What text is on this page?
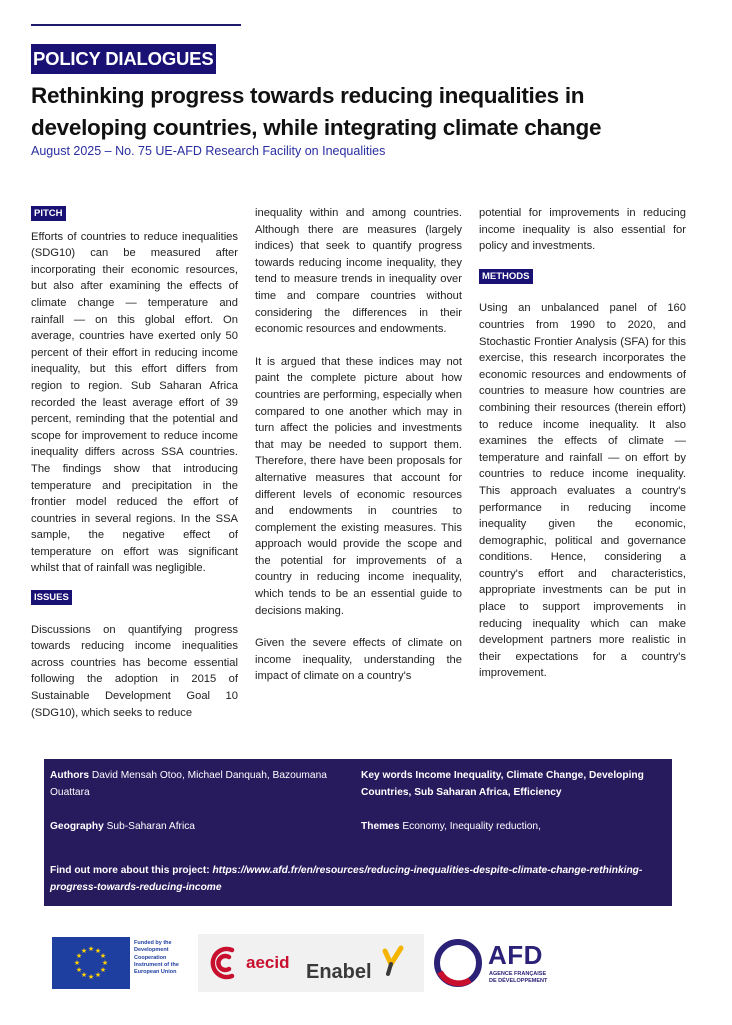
POLICY DIALOGUES
Rethinking progress towards reducing inequalities in developing countries, while integrating climate change
August 2025 – No. 75 UE-AFD Research Facility on Inequalities
PITCH

Efforts of countries to reduce inequalities (SDG10) can be measured after incorporating their economic resources, but also after examining the effects of climate change — temperature and rainfall — on this global effort. On average, countries have exerted only 50 percent of their effort in reducing income inequality, but this effort differs from region to region. Sub Saharan Africa recorded the least average effort of 39 percent, reminding that the potential and scope for improvement to reduce income inequality differs across SSA countries. The findings show that introducing temperature and precipitation in the frontier model reduced the effort of countries in several regions. In the SSA sample, the negative effect of temperature on effort was significant whilst that of rainfall was negligible.

ISSUES

Discussions on quantifying progress towards reducing income inequalities across countries has become essential following the adoption in 2015 of Sustainable Development Goal 10 (SDG10), which seeks to reduce

inequality within and among countries. Although there are measures (largely indices) that seek to quantify progress towards reducing income inequality, they tend to measure trends in inequality over time and compare countries without considering the differences in their economic resources and endowments.

It is argued that these indices may not paint the complete picture about how countries are performing, especially when compared to one another which may in turn affect the policies and investments that may be needed to support them. Therefore, there have been proposals for alternative measures that account for different levels of economic resources and endowments in countries to complement the existing measures. This approach would provide the scope and the potential for improvements of a country in reducing income inequality, which tends to be an essential guide to decisions making.

Given the severe effects of climate on income inequality, understanding the impact of climate on a country's

potential for improvements in reducing income inequality is also essential for policy and investments.

METHODS

Using an unbalanced panel of 160 countries from 1990 to 2020, and Stochastic Frontier Analysis (SFA) for this exercise, this research incorporates the economic resources and endowments of countries to measure how countries are combining their resources (therein effort) to reduce income inequality. It also examines the effects of climate — temperature and rainfall — on effort by countries to reduce income inequality. This approach evaluates a country's performance in reducing income inequality given the economic, demographic, political and governance conditions. Hence, considering a country's effort and characteristics, appropriate investments can be put in place to support improvements in reducing inequality which can make development partners more realistic in their expectations for a country's improvement.

Authors David Mensah Otoo, Michael Danquah, Bazoumana Ouattara
Key words Income Inequality, Climate Change, Developing Countries, Sub Saharan Africa, Efficiency
Geography Sub-Saharan Africa	Themes Economy, Inequality reduction,
Find out more about this project: https://www.afd.fr/en/resources/reducing-inequalities-despite-climate-change-rethinking-progress-towards-reducing-income
★ ★
★
★
★
★
★
★
★
★
★
★
Funded by the Development Cooperation Instrument of the European Union
aecid Enabel
AFD
AGENCE FRANÇAISE
DE DÉVELOPPEMENT
